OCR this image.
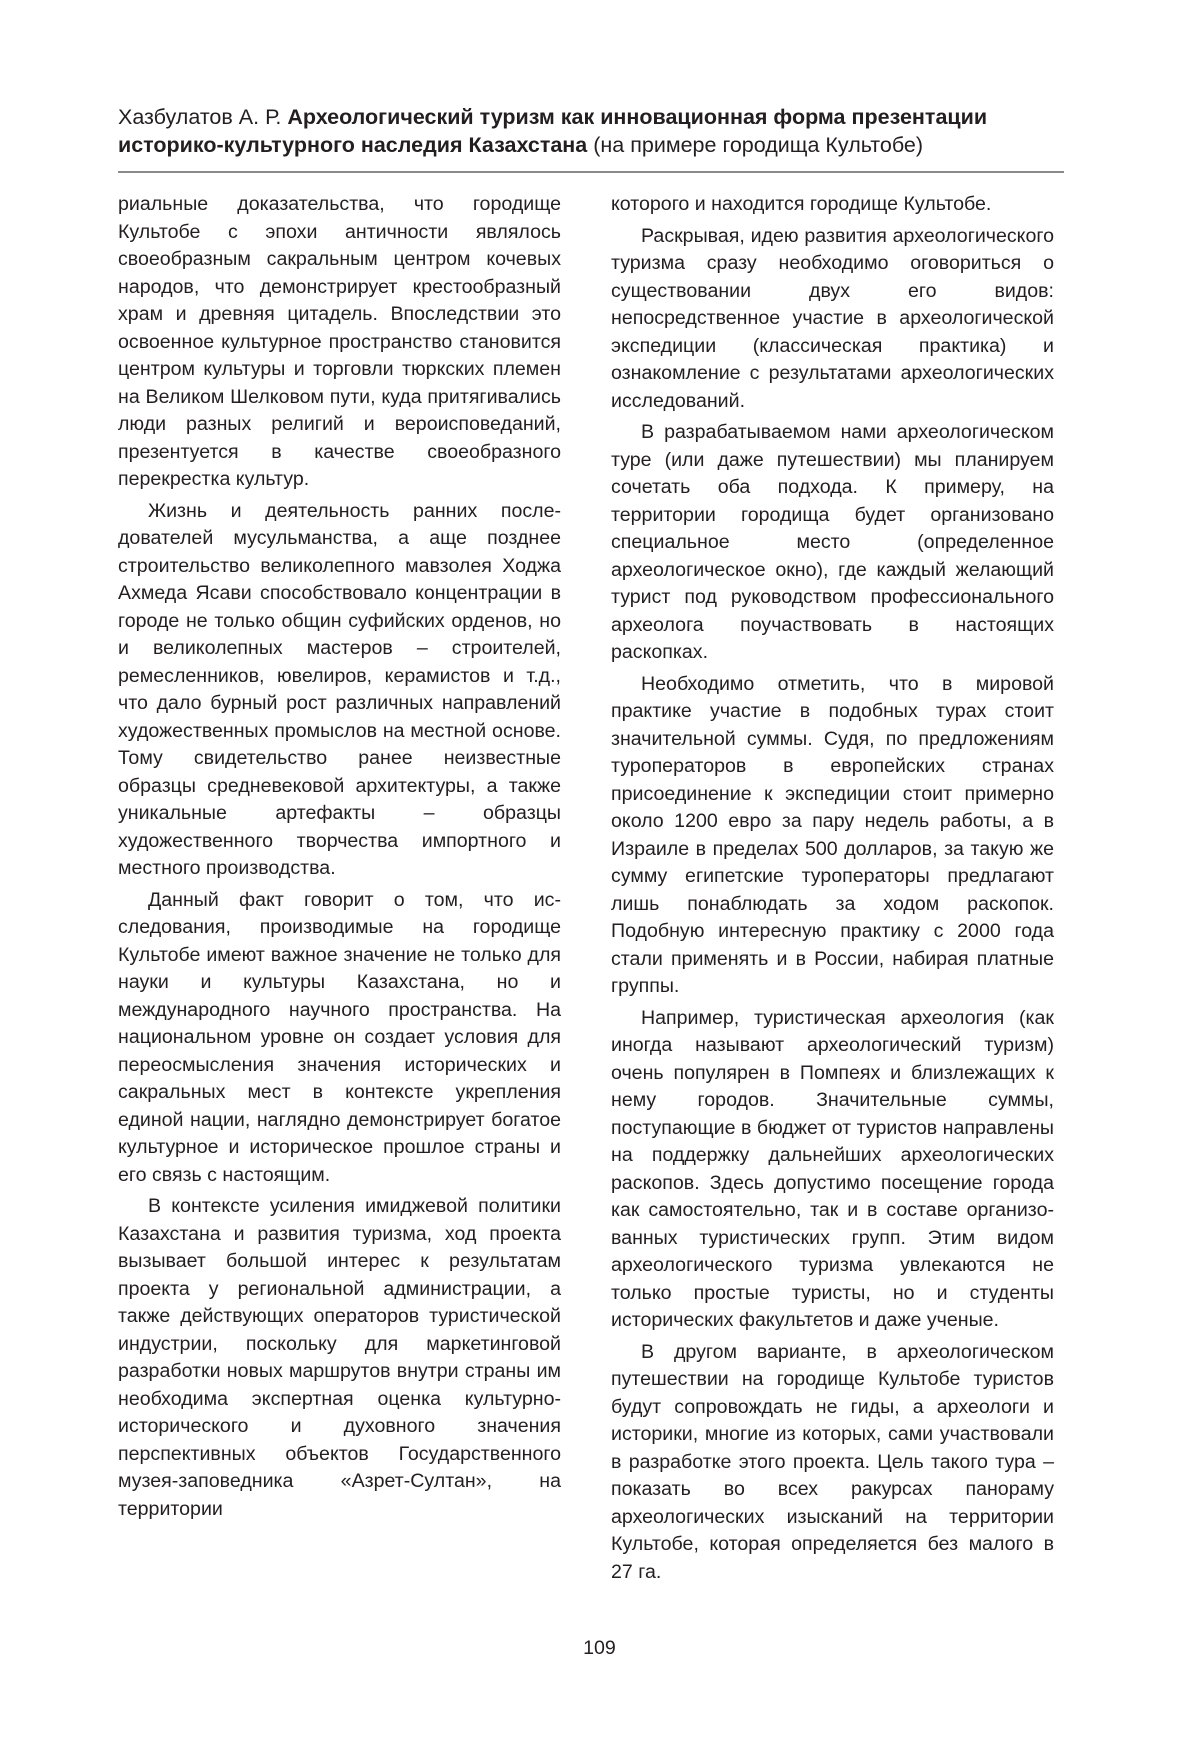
Хазбулатов А. Р. Археологический туризм как инновационная форма презентации историко-культурного наследия Казахстана (на примере городища Культобе)

риальные доказательства, что городище Культобе с эпохи античности являлось своеобразным сакральным центром кочевых народов, что демонстрирует крестообразный храм и древняя цитадель. Впоследствии это освоенное культурное пространство становится центром культуры и торговли тюркских племен на Великом Шелковом пути, куда притягивались люди разных религий и вероисповеданий, презентуется в качестве своеобразного перекрестка культур.

Жизнь и деятельность ранних последователей мусульманства, а аще позднее строительство великолепного мавзолея Ходжа Ахмеда Ясави способствовало концентрации в городе не только общин суфийских орденов, но и великолепных мастеров – строителей, ремесленников, ювелиров, керамистов и т.д., что дало бурный рост различных направлений художественных промыслов на местной основе. Тому свидетельство ранее неизвестные образцы средневековой архитектуры, а также уникальные артефакты – образцы художественного творчества импортного и местного производства.

Данный факт говорит о том, что исследования, производимые на городище Культобе имеют важное значение не только для науки и культуры Казахстана, но и международного научного пространства. На национальном уровне он создает условия для переосмысления значения исторических и сакральных мест в контексте укрепления единой нации, наглядно демонстрирует богатое культурное и историческое прошлое страны и его связь с настоящим.

В контексте усиления имиджевой политики Казахстана и развития туризма, ход проекта вызывает большой интерес к результатам проекта у региональной администрации, а также действующих операторов туристической индустрии, поскольку для маркетинговой разработки новых маршрутов внутри страны им необходима экспертная оценка культурно-исторического и духовного значения перспективных объектов Государственного музея-заповедника «Азрет-Султан», на территории

которого и находится городище Культобе.

Раскрывая, идею развития археологического туризма сразу необходимо оговориться о существовании двух его видов: непосредственное участие в археологической экспедиции (классическая практика) и ознакомление с результатами археологических исследований.

В разрабатываемом нами археологическом туре (или даже путешествии) мы планируем сочетать оба подхода. К примеру, на территории городища будет организовано специальное место (определенное археологическое окно), где каждый желающий турист под руководством профессионального археолога поучаствовать в настоящих раскопках.

Необходимо отметить, что в мировой практике участие в подобных турах стоит значительной суммы. Судя, по предложениям туроператоров в европейских странах присоединение к экспедиции стоит примерно около 1200 евро за пару недель работы, а в Израиле в пределах 500 долларов, за такую же сумму египетские туроператоры предлагают лишь понаблюдать за ходом раскопок. Подобную интересную практику с 2000 года стали применять и в России, набирая платные группы.

Например, туристическая археология (как иногда называют археологический туризм) очень популярен в Помпеях и близлежащих к нему городов. Значительные суммы, поступающие в бюджет от туристов направлены на поддержку дальнейших археологических раскопов. Здесь допустимо посещение города как самостоятельно, так и в составе организованных туристических групп. Этим видом археологического туризма увлекаются не только простые туристы, но и студенты исторических факультетов и даже ученые.

В другом варианте, в археологическом путешествии на городище Культобе туристов будут сопровождать не гиды, а археологи и историки, многие из которых, сами участвовали в разработке этого проекта. Цель такого тура –показать во всех ракурсах панораму археологических изысканий на территории Культобе, которая определяется без малого в 27 га.

109
